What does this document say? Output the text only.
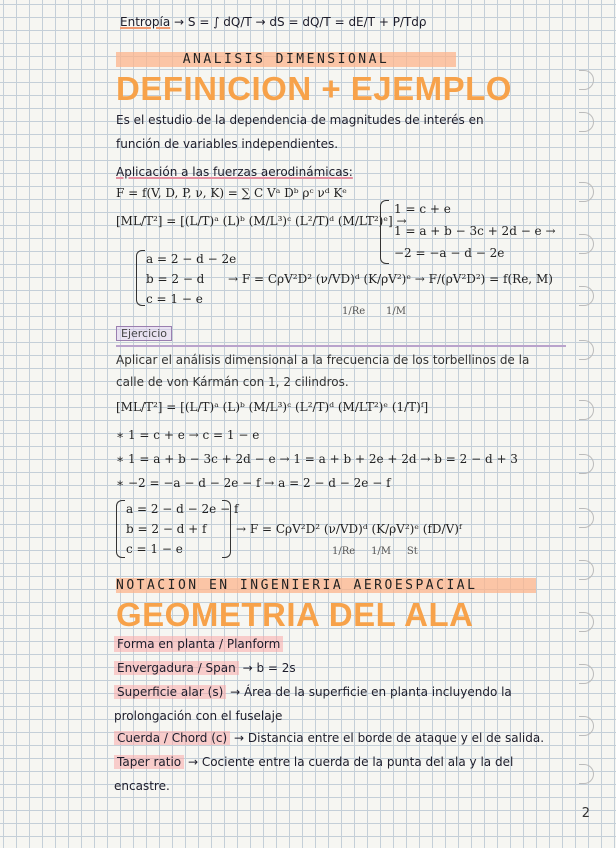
Entropía → S = ∫ dQ/T → dS = dQ/T = dE/T + P/Tdρ
ANALISIS DIMENSIONAL
DEFINICION + EJEMPLO
Es el estudio de la dependencia de magnitudes de interés en
función de variables independientes.
Aplicación a las fuerzas aerodinámicas:
F = f(V, D, P, ν, K) = ∑ C Vᵃ Dᵇ ρᶜ νᵈ Kᵉ
[ML/T²] = [(L/T)ᵃ (L)ᵇ (M/L³)ᶜ (L²/T)ᵈ (M/LT²)ᵉ] →
1 = c + e
1 = a + b − 3c + 2d − e →
−2 = −a − d − 2e
a = 2 − d − 2e
b = 2 − d
c = 1 − e
→ F = CρV²D² (ν/VD)ᵈ (K/ρV²)ᵉ → F/(ρV²D²) = f(Re, M)
1/Re 1/M
Ejercicio
Aplicar el análisis dimensional a la frecuencia de los torbellinos de la
calle de von Kármán con 1, 2 cilindros.
[ML/T²] = [(L/T)ᵃ (L)ᵇ (M/L³)ᶜ (L²/T)ᵈ (M/LT²)ᵉ (1/T)ᶠ]
∗ 1 = c + e → c = 1 − e
∗ 1 = a + b − 3c + 2d − e → 1 = a + b + 2e + 2d → b = 2 − d + 3
∗ −2 = −a − d − 2e − f → a = 2 − d − 2e − f
a = 2 − d − 2e − f
b = 2 − d + f
c = 1 − e
→ F = CρV²D² (ν/VD)ᵈ (K/ρV²)ᵉ (fD/V)ᶠ
1/Re     1/M     St
NOTACION EN INGENIERIA AEROESPACIAL
GEOMETRIA DEL ALA
Forma en planta / Planform
Envergadura / Span → b = 2s
Superficie alar (s) → Área de la superficie en planta incluyendo la
prolongación con el fuselaje
Cuerda / Chord (c) → Distancia entre el borde de ataque y el de salida.
Taper ratio → Cociente entre la cuerda de la punta del ala y la del
encastre.
2
